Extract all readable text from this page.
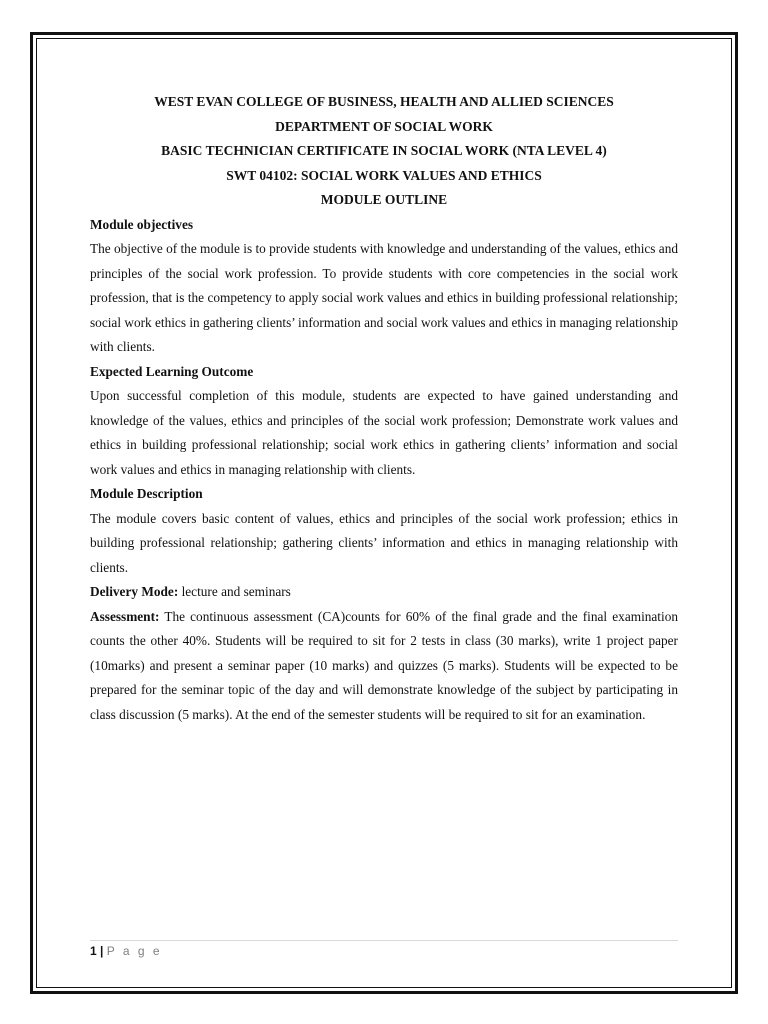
WEST EVAN COLLEGE OF BUSINESS, HEALTH AND ALLIED SCIENCES

DEPARTMENT OF SOCIAL WORK

BASIC TECHNICIAN CERTIFICATE IN SOCIAL WORK (NTA LEVEL 4)

SWT 04102: SOCIAL WORK VALUES AND ETHICS

MODULE OUTLINE

Module objectives

The objective of the module is to provide students with knowledge and understanding of the values, ethics and principles of the social work profession. To provide students with core competencies in the social work profession, that is the competency to apply social work values and ethics in building professional relationship; social work ethics in gathering clients’ information and social work values and ethics in managing relationship with clients.

Expected Learning Outcome

Upon successful completion of this module, students are expected to have gained understanding and knowledge of the values, ethics and principles of the social work profession; Demonstrate work values and ethics in building professional relationship; social work ethics in gathering clients’ information and social work values and ethics in managing relationship with clients.

Module Description

The module covers basic content of values, ethics and principles of the social work profession; ethics in building professional relationship; gathering clients’ information and ethics in managing relationship with clients.

Delivery Mode: lecture and seminars

Assessment: The continuous assessment (CA)counts for 60% of the final grade and the final examination counts the other 40%. Students will be required to sit for 2 tests in class (30 marks), write 1 project paper (10marks) and present a seminar paper (10 marks) and quizzes (5 marks). Students will be expected to be prepared for the seminar topic of the day and will demonstrate knowledge of the subject by participating in class discussion (5 marks). At the end of the semester students will be required to sit for an examination.

1 | P a g e
